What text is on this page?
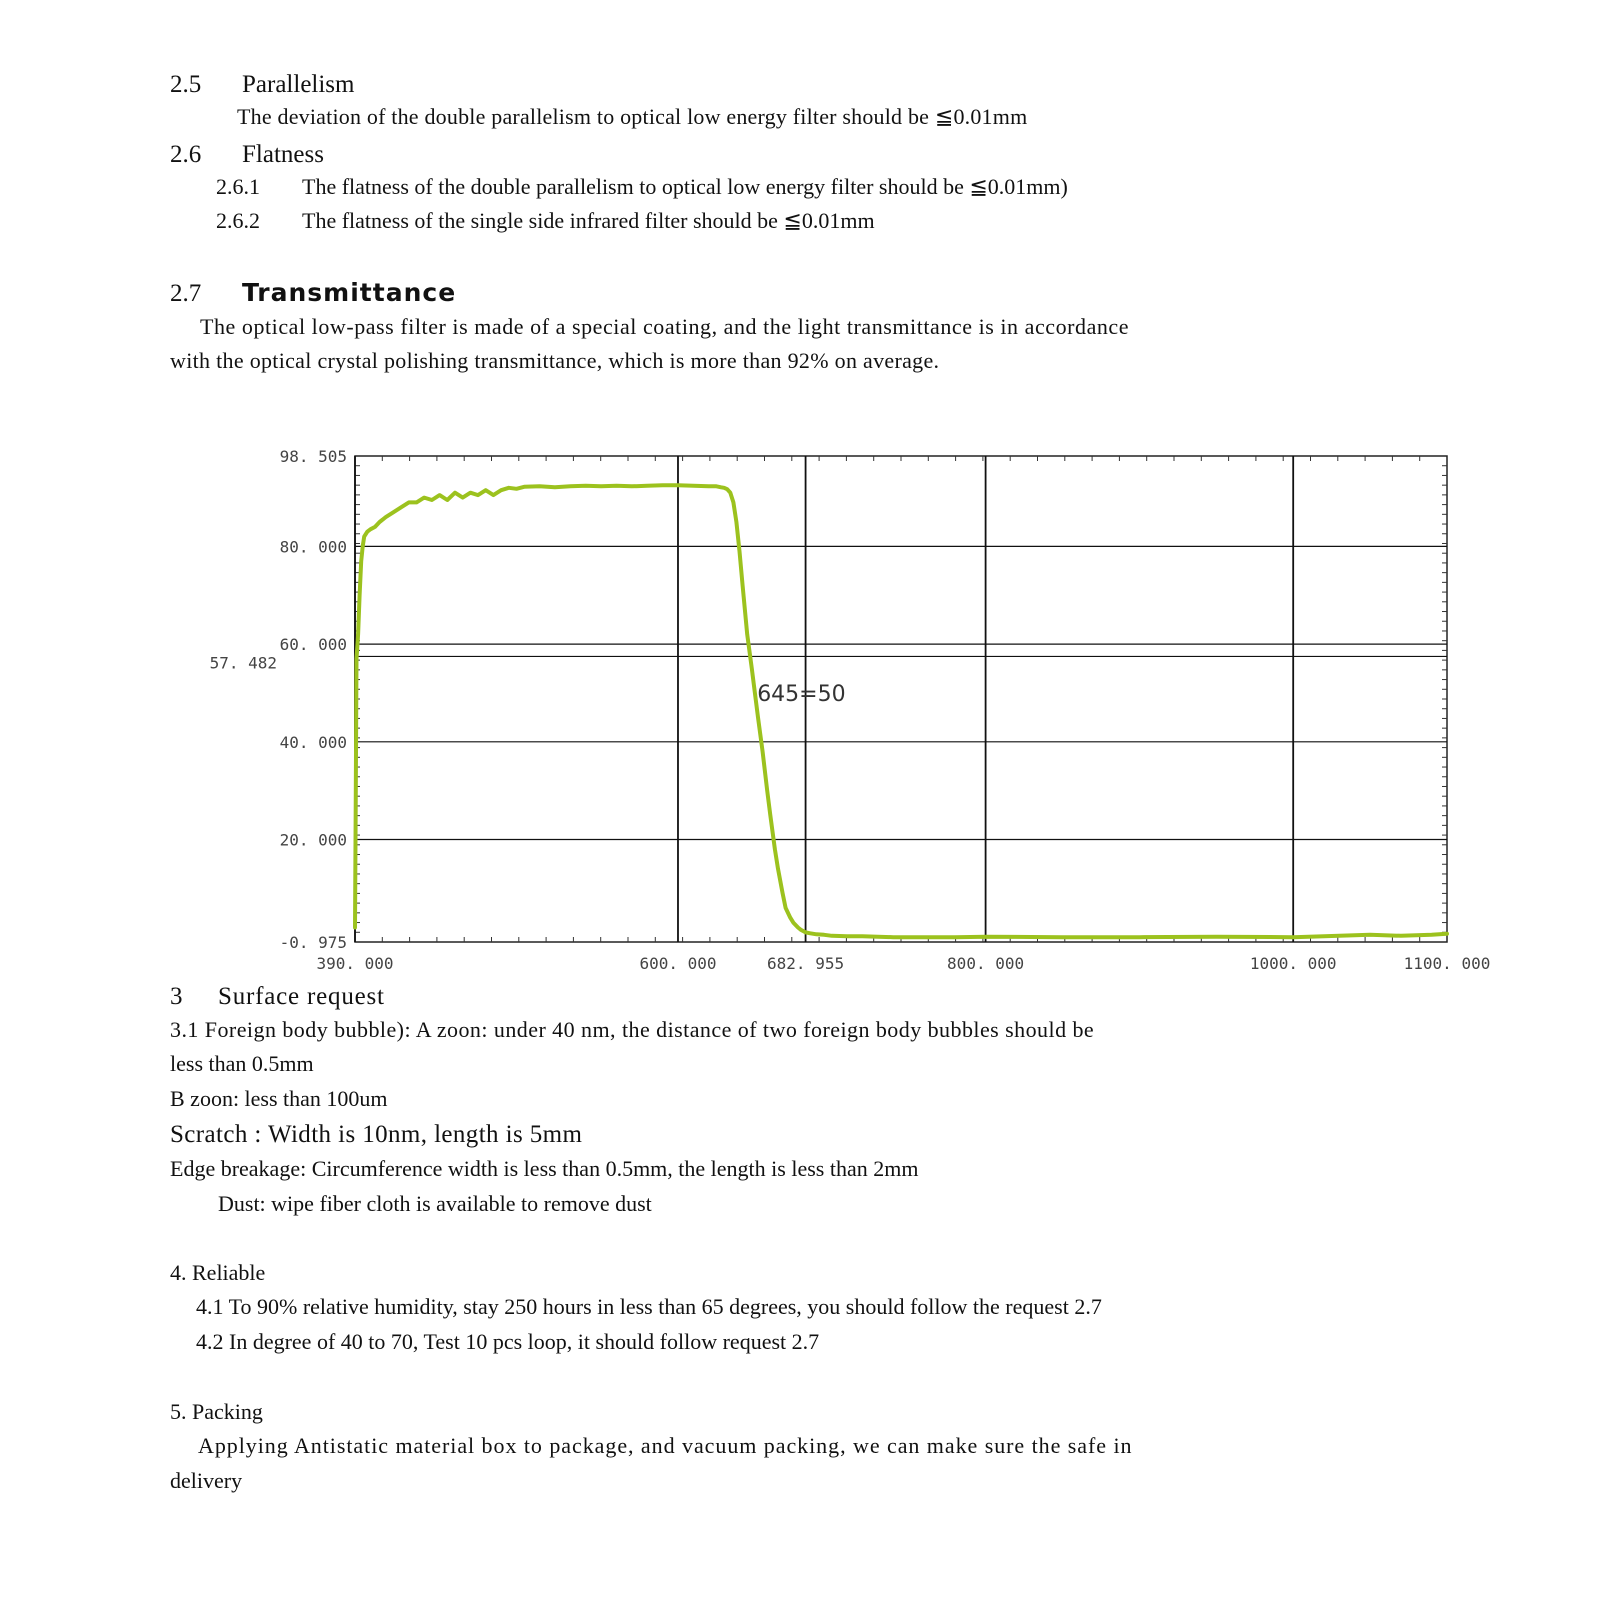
2.5 Parallelism
The deviation of the double parallelism to optical low energy filter should be ≦0.01mm
2.6 Flatness
2.6.1 The flatness of the double parallelism to optical low energy filter should be ≦0.01mm)
2.6.2 The flatness of the single side infrared filter should be ≦0.01mm
2.7 Transmittance
The optical low-pass filter is made of a special coating, and the light transmittance is in accordance
with the optical crystal polishing transmittance, which is more than 92% on average.
390. 000	600. 000	682. 955	800. 000	1000. 000	1100. 000
98. 505
80. 000
60. 000
57. 482
40. 000
20. 000
-0. 975
645=50
3 Surface request
3.1 Foreign body bubble): A zoon: under 40 nm, the distance of two foreign body bubbles should be
less than 0.5mm
B zoon: less than 100um
Scratch : Width is 10nm, length is 5mm
Edge breakage: Circumference width is less than 0.5mm, the length is less than 2mm
Dust: wipe fiber cloth is available to remove dust
4. Reliable
4.1 To 90% relative humidity, stay 250 hours in less than 65 degrees, you should follow the request 2.7
4.2 In degree of 40 to 70, Test 10 pcs loop, it should follow request 2.7
5. Packing
Applying Antistatic material box to package, and vacuum packing, we can make sure the safe in
delivery
